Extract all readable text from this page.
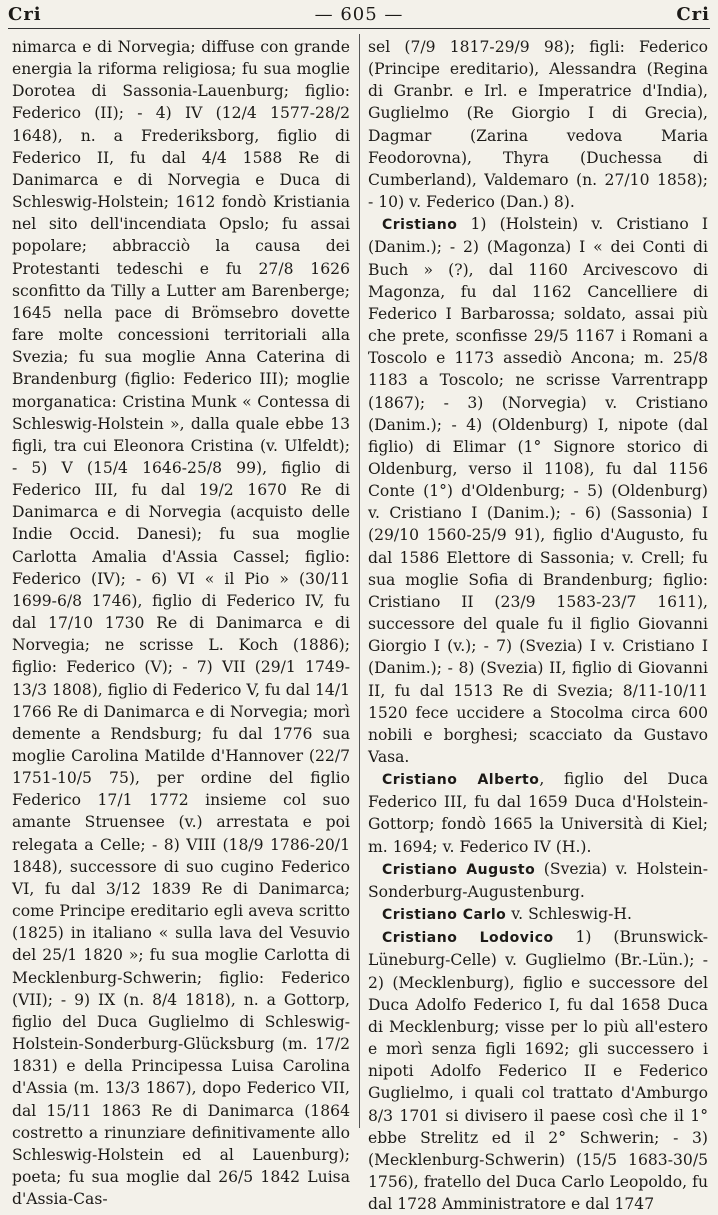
Cri	— 605 —	Cri

nimarca e di Norvegia; diffuse con grande energia la riforma religiosa; fu sua moglie Dorotea di Sassonia-Lauenburg; figlio: Federico (II); - 4) IV (12/4 1577-28/2 1648), n. a Frederiksborg, figlio di Federico II, fu dal 4/4 1588 Re di Danimarca e di Norvegia e Duca di Schleswig-Holstein; 1612 fondò Kristiania nel sito dell'incendiata Opslo; fu assai popolare; abbracciò la causa dei Protestanti tedeschi e fu 27/8 1626 sconfitto da Tilly a Lutter am Barenberge; 1645 nella pace di Brömsebro dovette fare molte concessioni territoriali alla Svezia; fu sua moglie Anna Caterina di Brandenburg (figlio: Federico III); moglie morganatica: Cristina Munk « Contessa di Schleswig-Holstein », dalla quale ebbe 13 figli, tra cui Eleonora Cristina (v. Ulfeldt); - 5) V (15/4 1646-25/8 99), figlio di Federico III, fu dal 19/2 1670 Re di Danimarca e di Norvegia (acquisto delle Indie Occid. Danesi); fu sua moglie Carlotta Amalia d'Assia Cassel; figlio: Federico (IV); - 6) VI « il Pio » (30/11 1699-6/8 1746), figlio di Federico IV, fu dal 17/10 1730 Re di Danimarca e di Norvegia; ne scrisse L. Koch (1886); figlio: Federico (V); - 7) VII (29/1 1749-13/3 1808), figlio di Federico V, fu dal 14/1 1766 Re di Danimarca e di Norvegia; morì demente a Rendsburg; fu dal 1776 sua moglie Carolina Matilde d'Hannover (22/7 1751-10/5 75), per ordine del figlio Federico 17/1 1772 insieme col suo amante Struensee (v.) arrestata e poi relegata a Celle; - 8) VIII (18/9 1786-20/1 1848), successore di suo cugino Federico VI, fu dal 3/12 1839 Re di Danimarca; come Principe ereditario egli aveva scritto (1825) in italiano « sulla lava del Vesuvio del 25/1 1820 »; fu sua moglie Carlotta di Mecklenburg-Schwerin; figlio: Federico (VII); - 9) IX (n. 8/4 1818), n. a Gottorp, figlio del Duca Guglielmo di Schleswig-Holstein-Sonderburg-Glücksburg (m. 17/2 1831) e della Principessa Luisa Carolina d'Assia (m. 13/3 1867), dopo Federico VII, dal 15/11 1863 Re di Danimarca (1864 costretto a rinunziare definitivamente allo Schleswig-Holstein ed al Lauenburg); poeta; fu sua moglie dal 26/5 1842 Luisa d'Assia-Cas-

sel (7/9 1817-29/9 98); figli: Federico (Principe ereditario), Alessandra (Regina di Granbr. e Irl. e Imperatrice d'India), Guglielmo (Re Giorgio I di Grecia), Dagmar (Zarina vedova Maria Feodorovna), Thyra (Duchessa di Cumberland), Valdemaro (n. 27/10 1858); - 10) v. Federico (Dan.) 8).

Cristiano 1) (Holstein) v. Cristiano I (Danim.); - 2) (Magonza) I « dei Conti di Buch » (?), dal 1160 Arcivescovo di Magonza, fu dal 1162 Cancelliere di Federico I Barbarossa; soldato, assai più che prete, sconfisse 29/5 1167 i Romani a Toscolo e 1173 assediò Ancona; m. 25/8 1183 a Toscolo; ne scrisse Varrentrapp (1867); - 3) (Norvegia) v. Cristiano (Danim.); - 4) (Oldenburg) I, nipote (dal figlio) di Elimar (1° Signore storico di Oldenburg, verso il 1108), fu dal 1156 Conte (1°) d'Oldenburg; - 5) (Oldenburg) v. Cristiano I (Danim.); - 6) (Sassonia) I (29/10 1560-25/9 91), figlio d'Augusto, fu dal 1586 Elettore di Sassonia; v. Crell; fu sua moglie Sofia di Brandenburg; figlio: Cristiano II (23/9 1583-23/7 1611), successore del quale fu il figlio Giovanni Giorgio I (v.); - 7) (Svezia) I v. Cristiano I (Danim.); - 8) (Svezia) II, figlio di Giovanni II, fu dal 1513 Re di Svezia; 8/11-10/11 1520 fece uccidere a Stocolma circa 600 nobili e borghesi; scacciato da Gustavo Vasa.

Cristiano Alberto, figlio del Duca Federico III, fu dal 1659 Duca d'Holstein-Gottorp; fondò 1665 la Università di Kiel; m. 1694; v. Federico IV (H.).

Cristiano Augusto (Svezia) v. Holstein-Sonderburg-Augustenburg.

Cristiano Carlo v. Schleswig-H.

Cristiano Lodovico 1) (Brunswick-Lüneburg-Celle) v. Guglielmo (Br.-Lün.); - 2) (Mecklenburg), figlio e successore del Duca Adolfo Federico I, fu dal 1658 Duca di Mecklenburg; visse per lo più all'estero e morì senza figli 1692; gli successero i nipoti Adolfo Federico II e Federico Guglielmo, i quali col trattato d'Amburgo 8/3 1701 si divisero il paese così che il 1° ebbe Strelitz ed il 2° Schwerin; - 3) (Mecklenburg-Schwerin) (15/5 1683-30/5 1756), fratello del Duca Carlo Leopoldo, fu dal 1728 Amministratore e dal 1747
